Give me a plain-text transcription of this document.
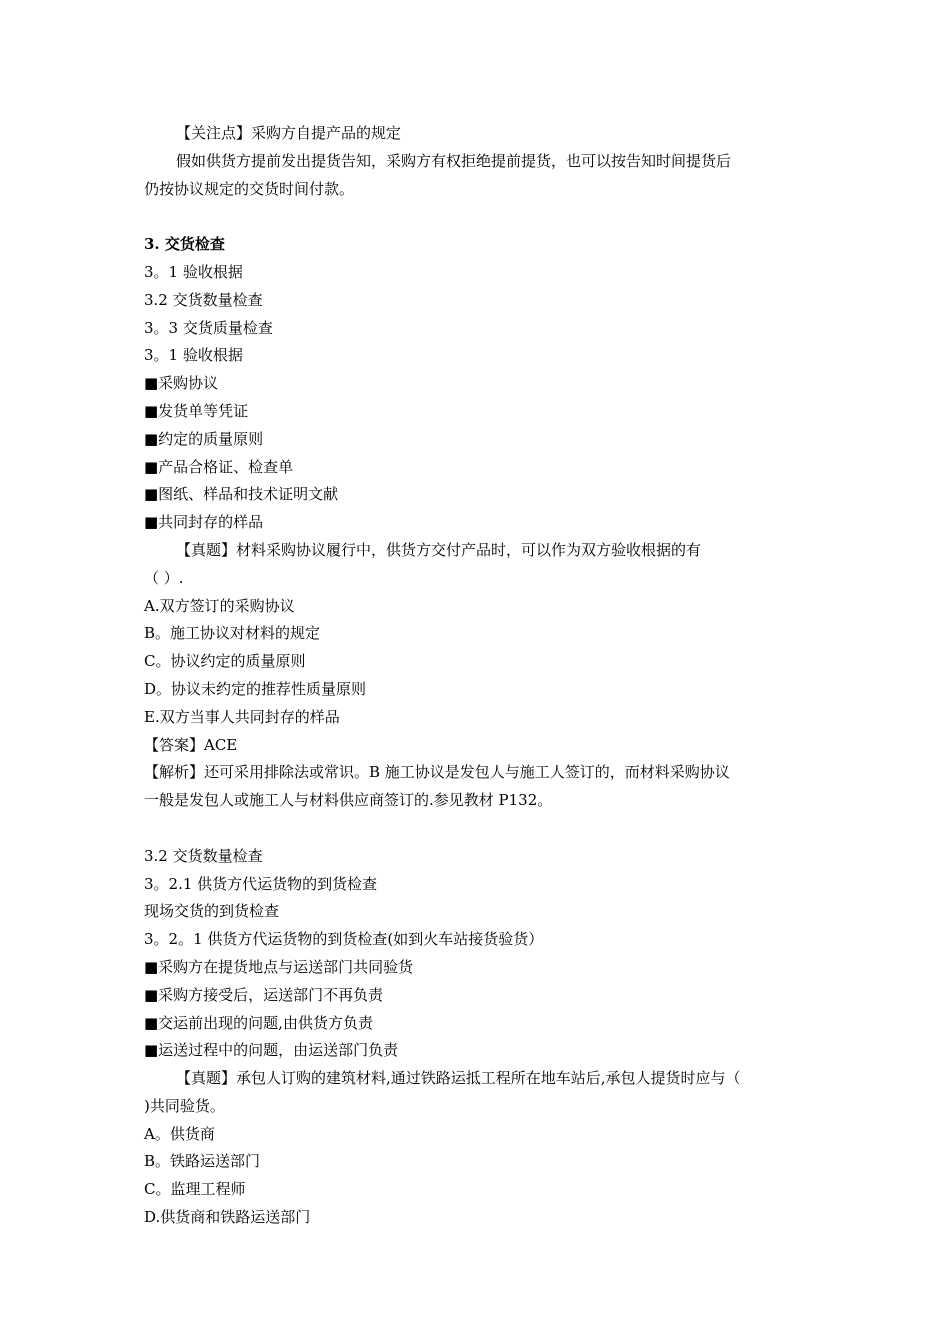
【关注点】采购方自提产品的规定
假如供货方提前发出提货告知，采购方有权拒绝提前提货，也可以按告知时间提货后
仍按协议规定的交货时间付款。
3. 交货检查
3。1 验收根据
3.2 交货数量检查
3。3 交货质量检查
3。1 验收根据
■采购协议
■发货单等凭证
■约定的质量原则
■产品合格证、检查单
■图纸、样品和技术证明文献
■共同封存的样品
【真题】材料采购协议履行中，供货方交付产品时，可以作为双方验收根据的有
（ ）.
A.双方签订的采购协议
B。施工协议对材料的规定
C。协议约定的质量原则
D。协议未约定的推荐性质量原则
E.双方当事人共同封存的样品
【答案】ACE
【解析】还可采用排除法或常识。B 施工协议是发包人与施工人签订的，而材料采购协议
一般是发包人或施工人与材料供应商签订的.参见教材 P132。
3.2 交货数量检查
3。2.1 供货方代运货物的到货检查
现场交货的到货检查
3。2。1 供货方代运货物的到货检查(如到火车站接货验货）
■采购方在提货地点与运送部门共同验货
■采购方接受后，运送部门不再负责
■交运前出现的问题,由供货方负责
■运送过程中的问题，由运送部门负责
【真题】承包人订购的建筑材料,通过铁路运抵工程所在地车站后,承包人提货时应与（
)共同验货。
A。供货商
B。铁路运送部门
C。监理工程师
D.供货商和铁路运送部门
